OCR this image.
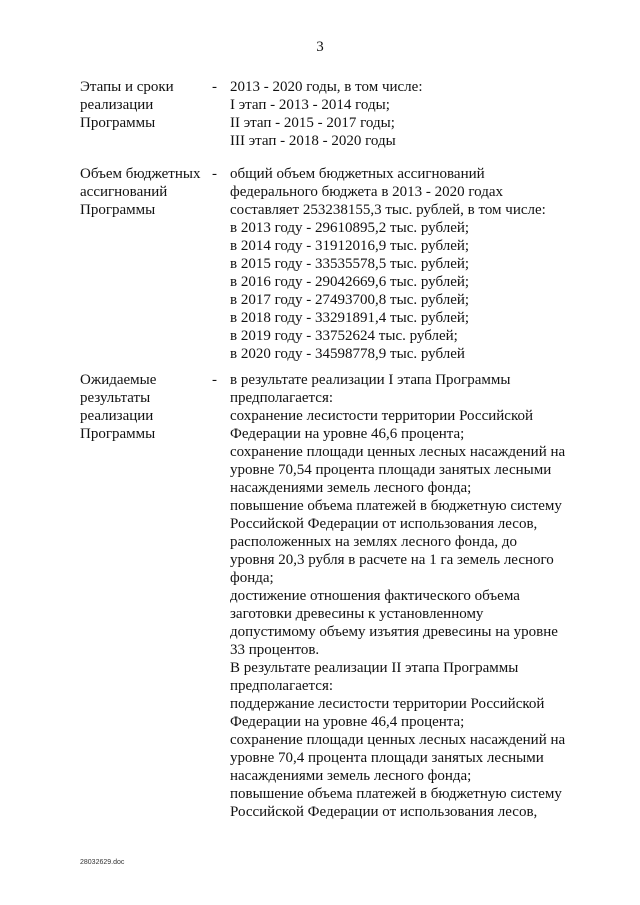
3
Этапы и сроки
реализации
Программы
- 2013 - 2020 годы, в том числе:
I этап - 2013 - 2014 годы;
II этап - 2015 - 2017 годы;
III этап - 2018 - 2020 годы
Объем бюджетных
ассигнований
Программы
- общий объем бюджетных ассигнований
федерального бюджета в 2013 - 2020 годах
составляет 253238155,3 тыс. рублей, в том числе:
в 2013 году - 29610895,2 тыс. рублей;
в 2014 году - 31912016,9 тыс. рублей;
в 2015 году - 33535578,5 тыс. рублей;
в 2016 году - 29042669,6 тыс. рублей;
в 2017 году - 27493700,8 тыс. рублей;
в 2018 году - 33291891,4 тыс. рублей;
в 2019 году - 33752624 тыс. рублей;
в 2020 году - 34598778,9 тыс. рублей
Ожидаемые
результаты
реализации
Программы
- в результате реализации I этапа Программы
предполагается:
сохранение лесистости территории Российской
Федерации на уровне 46,6 процента;
сохранение площади ценных лесных насаждений на
уровне 70,54 процента площади занятых лесными
насаждениями земель лесного фонда;
повышение объема платежей в бюджетную систему
Российской Федерации от использования лесов,
расположенных на землях лесного фонда, до
уровня 20,3 рубля в расчете на 1 га земель лесного
фонда;
достижение отношения фактического объема
заготовки древесины к установленному
допустимому объему изъятия древесины на уровне
33 процентов.
В результате реализации II этапа Программы
предполагается:
поддержание лесистости территории Российской
Федерации на уровне 46,4 процента;
сохранение площади ценных лесных насаждений на
уровне 70,4 процента площади занятых лесными
насаждениями земель лесного фонда;
повышение объема платежей в бюджетную систему
Российской Федерации от использования лесов,
28032629.doc
